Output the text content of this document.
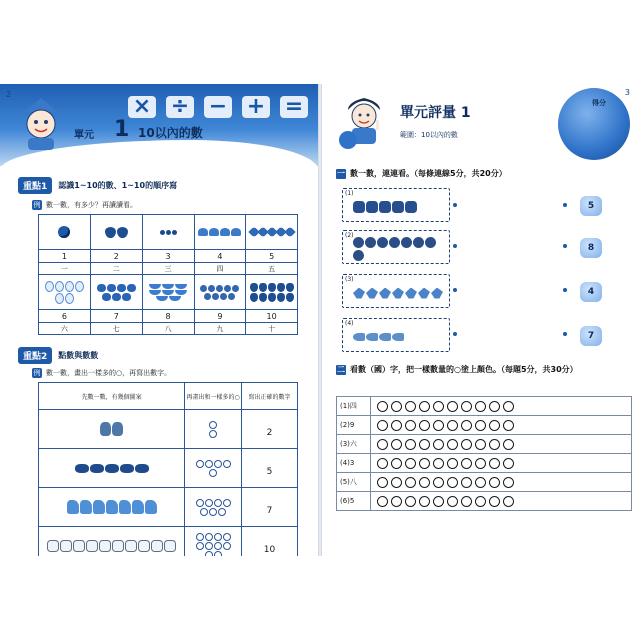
2	× ÷ − + =
單元 1 10以內的數
重點1	認識1~10的數、1~10的順序寫
例 數一數，有多少？再讀讀看。

1	2	3	4	5
一	二	三	四	五

6	7	8	9	10
六	七	八	九	十
重點2	點數與數數
例 數一數，畫出一樣多的○，再寫出數字。
先數一數，有幾個圖案	再畫出和一樣多的○	寫出正確的數字

	2

	5

	7

	10
得分
3
單元評量 1
範圍：10以內的數
一 數一數，連連看。（每條連線5分，共20分）
(1)
5
(2)
8
(3)
4
(4)
7
二 看數（國）字，把一樣數量的○塗上顏色。（每題5分，共30分）
(1)四	

(2)9	

(3)六	

(4)3	

(5)八	

(6)5	
